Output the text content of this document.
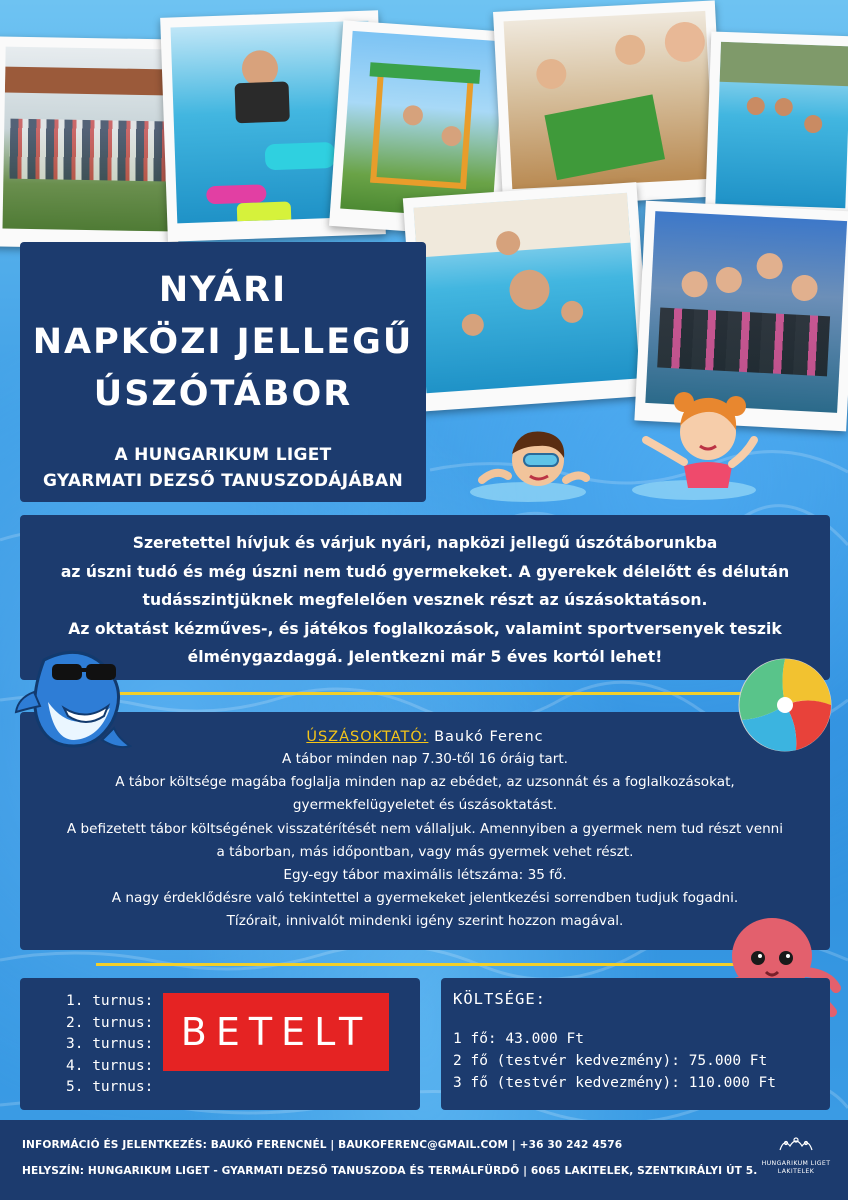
NYÁRI
NAPKÖZI JELLEGŰ
ÚSZÓTÁBOR
A HUNGARIKUM LIGET
GYARMATI DEZSŐ TANUSZODÁJÁBAN

Szeretettel hívjuk és várjuk nyári, napközi jellegű úszótáborunkba

az úszni tudó és még úszni nem tudó gyermekeket. A gyerekek délelőtt és délután

tudásszintjüknek megfelelően vesznek részt az úszásoktatáson.

Az oktatást kézműves-, és játékos foglalkozások, valamint sportversenyek teszik

élménygazdaggá. Jelentkezni már 5 éves kortól lehet!

ÚSZÁSOKTATÓ: Baukó Ferenc
A tábor minden nap 7.30-től 16 óráig tart.
A tábor költsége magába foglalja minden nap az ebédet, az uzsonnát és a foglalkozásokat,
gyermekfelügyeletet és úszásoktatást.
A befizetett tábor költségének visszatérítését nem vállaljuk. Amennyiben a gyermek nem tud részt venni
a táborban, más időpontban, vagy más gyermek vehet részt.
Egy-egy tábor maximális létszáma: 35 fő.
A nagy érdeklődésre való tekintettel a gyermekeket jelentkezési sorrendben tudjuk fogadni.
Tízórait, innivalót mindenki igény szerint hozzon magával.
1. turnus:
2. turnus:
3. turnus:
4. turnus:
5. turnus:
BETELT
KÖLTSÉGE:
1 fő: 43.000 Ft
2 fő (testvér kedvezmény): 75.000 Ft
3 fő (testvér kedvezmény): 110.000 Ft
INFORMÁCIÓ ÉS JELENTKEZÉS: BAUKÓ FERENCNÉL | BAUKOFERENC@GMAIL.COM | +36 30 242 4576
HELYSZÍN: HUNGARIKUM LIGET - GYARMATI DEZSŐ TANUSZODA ÉS TERMÁLFÜRDŐ | 6065 LAKITELEK, SZENTKIRÁLYI ÚT 5.
HUNGARIKUM LIGET
LAKITELEK
